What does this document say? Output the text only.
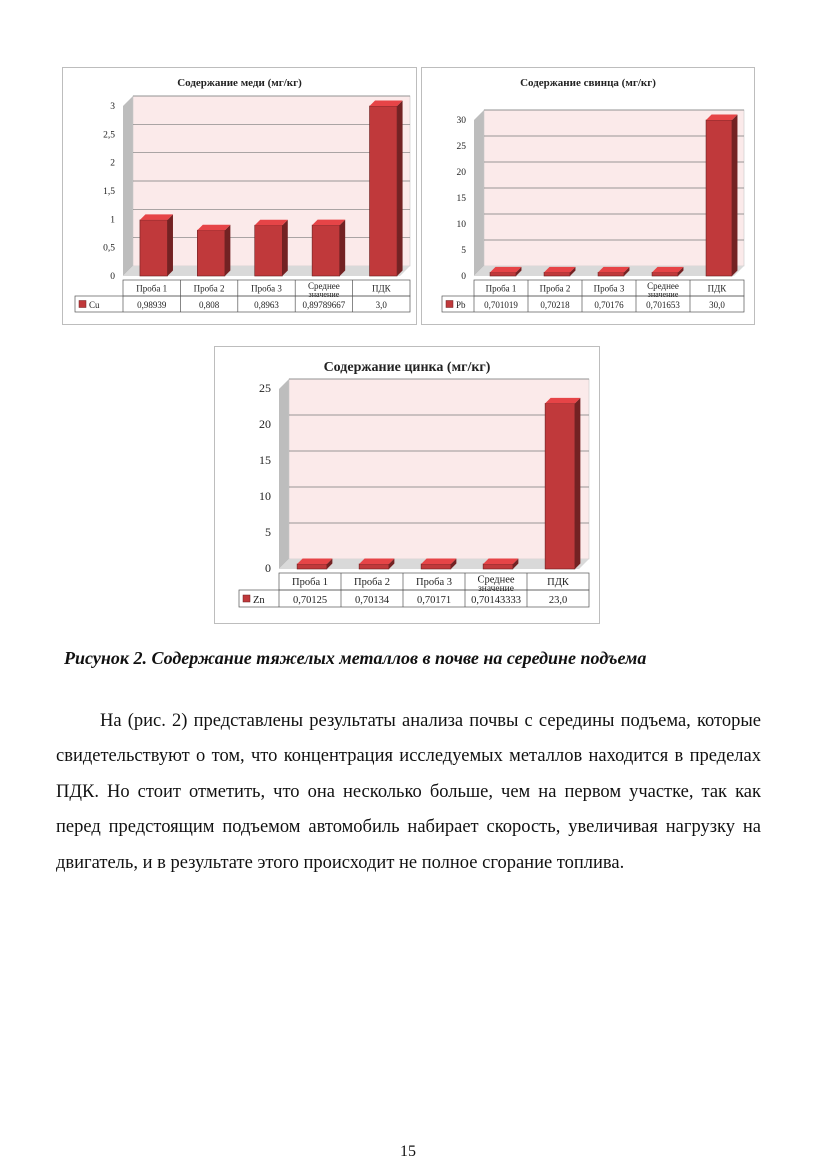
Содержание меди (мг/кг)
0
0,5
1
1,5
2
2,5
3
Проба 1
0,98939
Проба 2
0,808
Проба 3
0,8963
Среднее
значение
0,89789667
ПДК
3,0
Cu
Содержание свинца (мг/кг)
0
5
10
15
20
25
30
Проба 1
0,701019
Проба 2
0,70218
Проба 3
0,70176
Среднее
значение
0,701653
ПДК
30,0
Pb
Содержание цинка (мг/кг)
0
5
10
15
20
25
Проба 1
0,70125
Проба 2
0,70134
Проба 3
0,70171
Среднее
значение
0,70143333
ПДК
23,0
Zn
Рисунок 2. Содержание тяжелых металлов в почве на середине подъема

На (рис. 2) представлены результаты анализа почвы с середины подъема, которые свидетельствуют о том, что концентрация исследуемых металлов находится в пределах ПДК. Но стоит отметить, что она несколько больше, чем на первом участке, так как перед предстоящим подъемом автомобиль набирает скорость, увеличивая нагрузку на двигатель, и в результате этого происходит не полное сгорание топлива.

15
